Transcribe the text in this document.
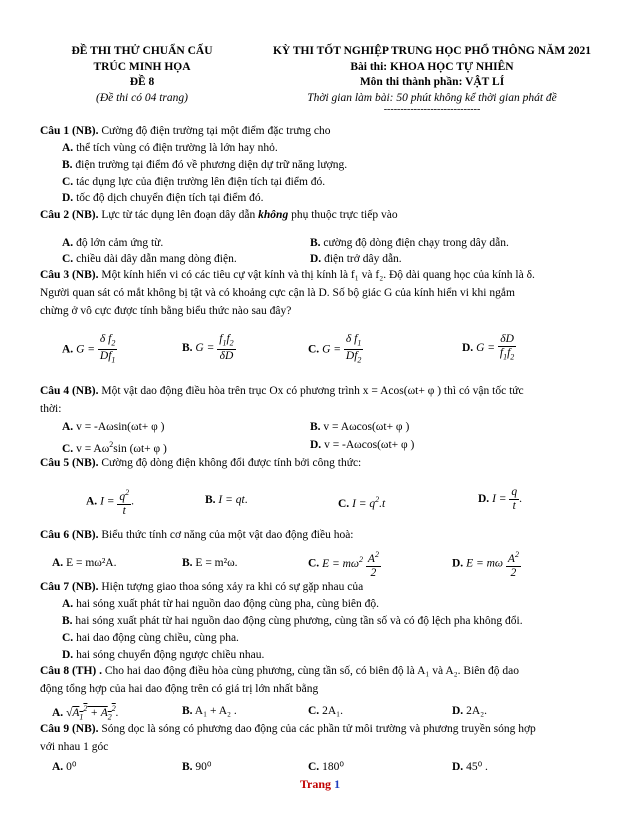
ĐỀ THI THỬ CHUẨN CẤU
TRÚC MINH HỌA
ĐỀ 8
(Đề thi có 04 trang)
KỲ THI TỐT NGHIỆP TRUNG HỌC PHỔ THÔNG NĂM 2021
Bài thi: KHOA HỌC TỰ NHIÊN
Môn thi thành phần: VẬT LÍ
Thời gian làm bài: 50 phút không kể thời gian phát đề
-----------------------------
Câu 1 (NB). Cường độ điện trường tại một điểm đặc trưng cho
A. thể tích vùng có điện trường là lớn hay nhỏ.
B. điện trường tại điểm đó về phương diện dự trữ năng lượng.
C. tác dụng lực của điện trường lên điện tích tại điểm đó.
D. tốc độ dịch chuyển điện tích tại điểm đó.
Câu 2 (NB). Lực từ tác dụng lên đoạn dây dẫn không phụ thuộc trực tiếp vào
A. độ lớn cảm ứng từ.	B. cường độ dòng điện chạy trong dây dẫn.
C. chiều dài dây dẫn mang dòng điện.	D. điện trở dây dẫn.
Câu 3 (NB). Một kính hiển vi có các tiêu cự vật kính và thị kính là f₁ và f₂. Độ dài quang học của kính là δ.
Người quan sát có mắt không bị tật và có khoảng cực cận là D. Số bộ giác G của kính hiển vi khi ngắm
chừng ở vô cực được tính bằng biểu thức nào sau đây?
A. $G = \frac{\delta f_2}{Df_1}$	B. $G = \frac{f_1f_2}{\delta D}$	C. $G = \frac{\delta f_1}{Df_2}$	D. $G = \frac{\delta D}{f_1f_2}$
Câu 4 (NB). Một vật dao động điều hòa trên trục Ox có phương trình x = Acos(ωt+ φ ) thì có vận tốc tức
thời:
A. v = -Aωsin(ωt+ φ )	B. v = Aωcos(ωt+ φ )
C. $v = A\omega^2\sin$ (ωt+ φ )	D. v = -Aωcos(ωt+ φ )
Câu 5 (NB). Cường độ dòng điện không đổi được tính bởi công thức:
A. $I = \frac{q^2}{t}$ .	B. I = qt.	C. $I = q^2.t$	D. $I = \frac{q}{t}$ .
Câu 6 (NB). Biểu thức tính cơ năng của một vật dao động điều hoà:
A. E = mω²A.	B. E = m²ω.	C. $E = m\omega^2 \frac{A^2}{2}$	D. E = mω $\frac{A^2}{2}$
Câu 7 (NB). Hiện tượng giao thoa sóng xảy ra khi có sự gặp nhau của
A. hai sóng xuất phát từ hai nguồn dao động cùng pha, cùng biên độ.
B. hai sóng xuất phát từ hai nguồn dao động cùng phương, cùng tần số và có độ lệch pha không đổi.
C. hai dao động cùng chiều, cùng pha.
D. hai sóng chuyển động ngược chiều nhau.
Câu 8 (TH) . Cho hai dao động điều hòa cùng phương, cùng tần số, có biên độ là A₁ và A₂. Biên độ dao
động tổng hợp của hai dao động trên có giá trị lớn nhất bằng
A. $√A_1^2 + A_2^2$.	B. A₁ + A₂ .	C. 2A₁.	D. 2A₂.
Câu 9 (NB). Sóng dọc là sóng có phương dao động của các phần tử môi trường và phương truyền sóng hợp
với nhau 1 góc
A. 0⁰	B. 90⁰	C. 180⁰	D. 45⁰ .
Trang 1
